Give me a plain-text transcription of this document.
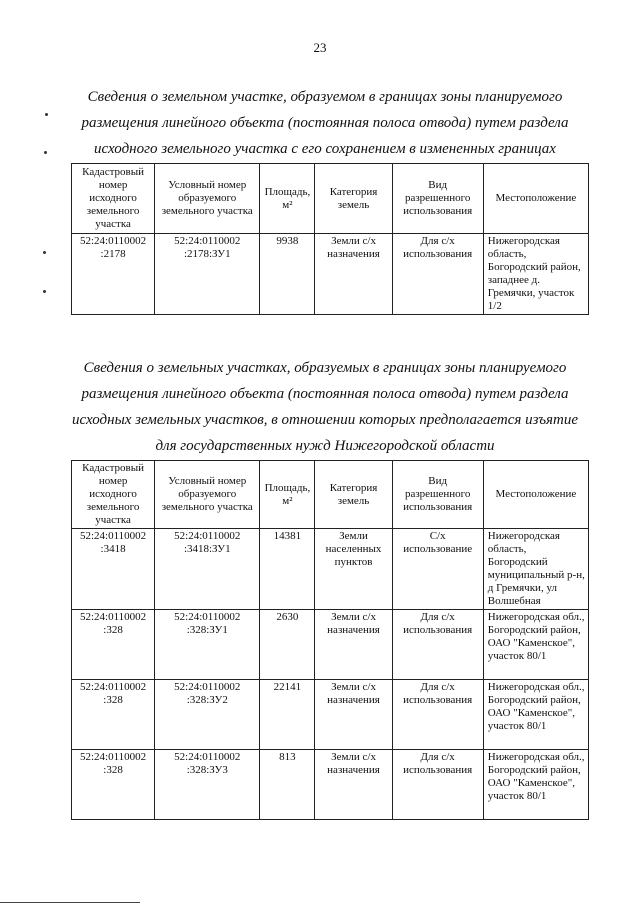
23
Сведения о земельном участке, образуемом в границах зоны планируемого
размещения линейного объекта (постоянная полоса отвода) путем раздела
исходного земельного участка с его сохранением в измененных границах
Кадастровый номер исходного земельного участка	Условный номер образуемого земельного участка	Площадь, м²	Категория земель	Вид разрешенного использования	Местоположение
52:24:0110002 :2178	52:24:0110002 :2178:ЗУ1	9938	Земли с/х назначения	Для с/х использования	Нижегородская область, Богородский район, западнее д. Гремячки, участок 1/2
Сведения о земельных участках, образуемых в границах зоны планируемого
размещения линейного объекта (постоянная полоса отвода) путем раздела
исходных земельных участков, в отношении которых предполагается изъятие
для государственных нужд Нижегородской области
Кадастровый номер исходного земельного участка	Условный номер образуемого земельного участка	Площадь, м²	Категория земель	Вид разрешенного использования	Местоположение
52:24:0110002 :3418	52:24:0110002 :3418:ЗУ1	14381	Земли населенных пунктов	С/х использование	Нижегородская область, Богородский муниципальный р-н, д Гремячки, ул Волшебная
52:24:0110002 :328	52:24:0110002 :328:ЗУ1	2630	Земли с/х назначения	Для с/х использования	Нижегородская обл., Богородский район, ОАО "Каменское", участок 80/1
52:24:0110002 :328	52:24:0110002 :328:ЗУ2	22141	Земли с/х назначения	Для с/х использования	Нижегородская обл., Богородский район, ОАО "Каменское", участок 80/1
52:24:0110002 :328	52:24:0110002 :328:ЗУ3	813	Земли с/х назначения	Для с/х использования	Нижегородская обл., Богородский район, ОАО "Каменское", участок 80/1
